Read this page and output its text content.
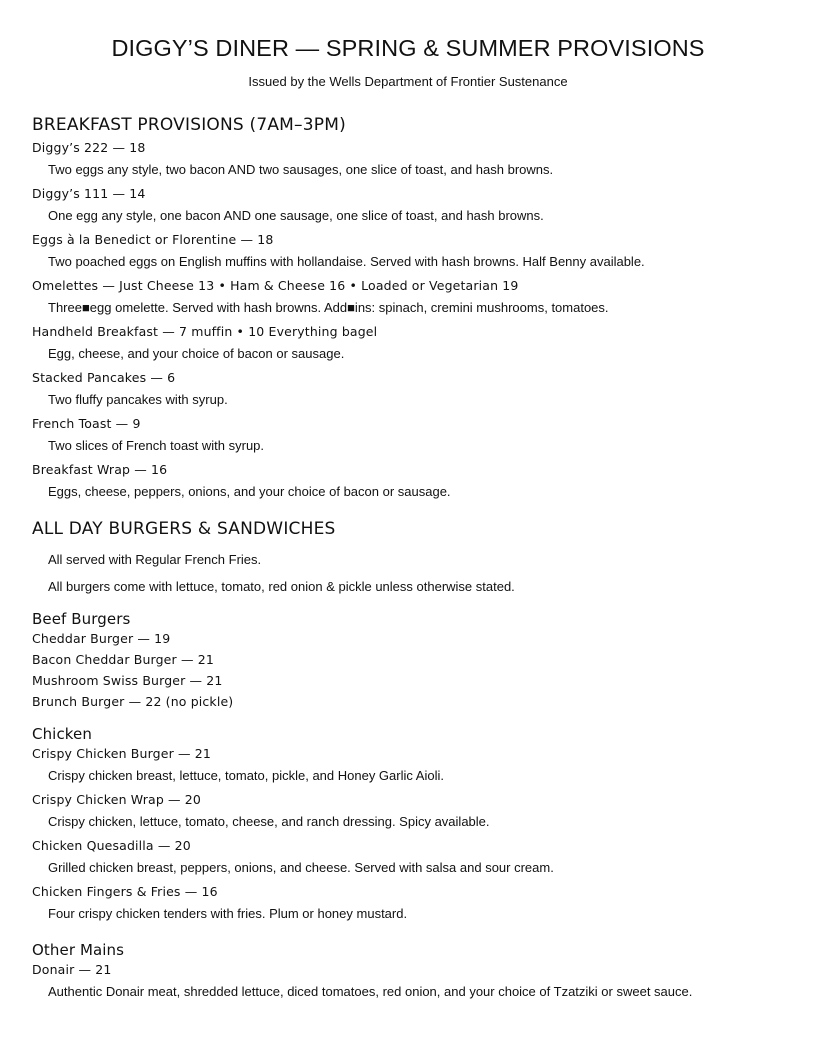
DIGGY’S DINER — SPRING & SUMMER PROVISIONS

Issued by the Wells Department of Frontier Sustenance

BREAKFAST PROVISIONS (7AM–3PM)

Diggy’s 222 — 18

Two eggs any style, two bacon AND two sausages, one slice of toast, and hash browns.

Diggy’s 111 — 14

One egg any style, one bacon AND one sausage, one slice of toast, and hash browns.

Eggs à la Benedict or Florentine — 18

Two poached eggs on English muffins with hollandaise. Served with hash browns. Half Benny available.

Omelettes — Just Cheese 13 • Ham & Cheese 16 • Loaded or Vegetarian 19

Three■egg omelette. Served with hash browns. Add■ins: spinach, cremini mushrooms, tomatoes.

Handheld Breakfast — 7 muffin • 10 Everything bagel

Egg, cheese, and your choice of bacon or sausage.

Stacked Pancakes — 6

Two fluffy pancakes with syrup.

French Toast — 9

Two slices of French toast with syrup.

Breakfast Wrap — 16

Eggs, cheese, peppers, onions, and your choice of bacon or sausage.

ALL DAY BURGERS & SANDWICHES

All served with Regular French Fries.

All burgers come with lettuce, tomato, red onion & pickle unless otherwise stated.

Beef Burgers

Cheddar Burger — 19

Bacon Cheddar Burger — 21

Mushroom Swiss Burger — 21

Brunch Burger — 22 (no pickle)

Chicken

Crispy Chicken Burger — 21

Crispy chicken breast, lettuce, tomato, pickle, and Honey Garlic Aioli.

Crispy Chicken Wrap — 20

Crispy chicken, lettuce, tomato, cheese, and ranch dressing. Spicy available.

Chicken Quesadilla — 20

Grilled chicken breast, peppers, onions, and cheese. Served with salsa and sour cream.

Chicken Fingers & Fries — 16

Four crispy chicken tenders with fries. Plum or honey mustard.

Other Mains

Donair — 21

Authentic Donair meat, shredded lettuce, diced tomatoes, red onion, and your choice of Tzatziki or sweet sauce.
